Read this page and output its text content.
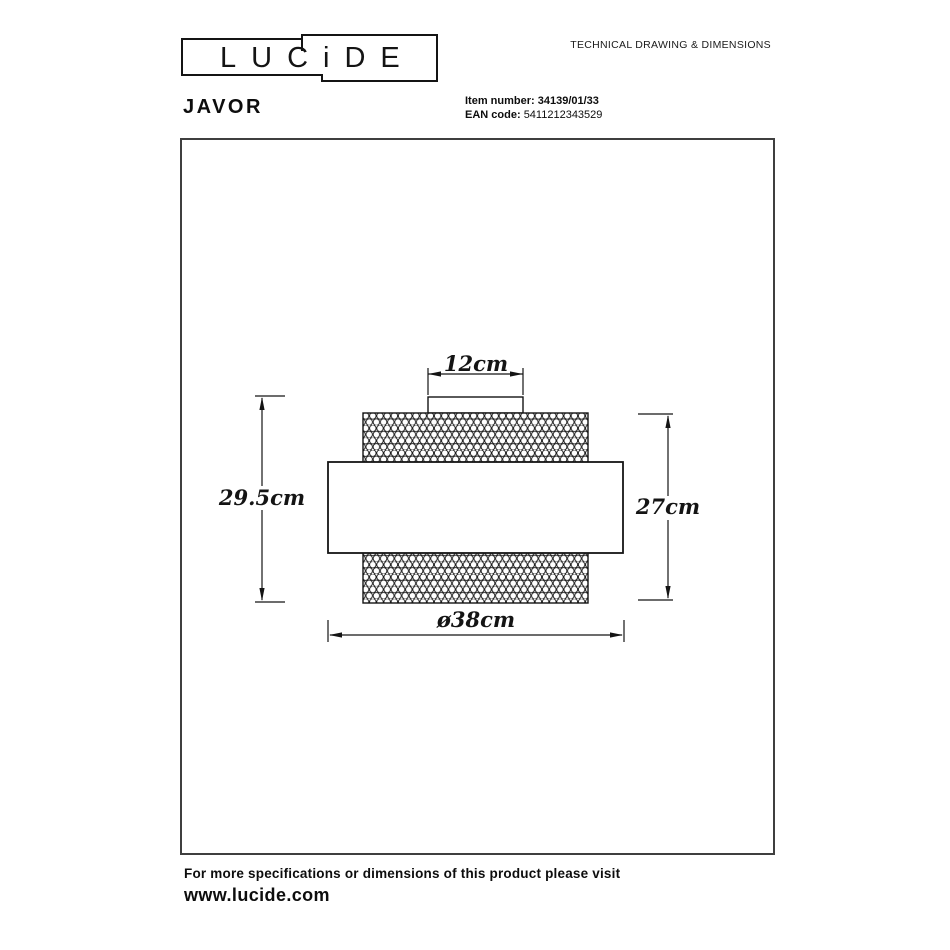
LUCiDE	TECHNICAL DRAWING & DIMENSIONS
JAVOR	Item number: 34139/01/33
EAN code: 5411212343529
12cm
29.5cm	27cm
ø38cm
For more specifications or dimensions of this product please visit
www.lucide.com
